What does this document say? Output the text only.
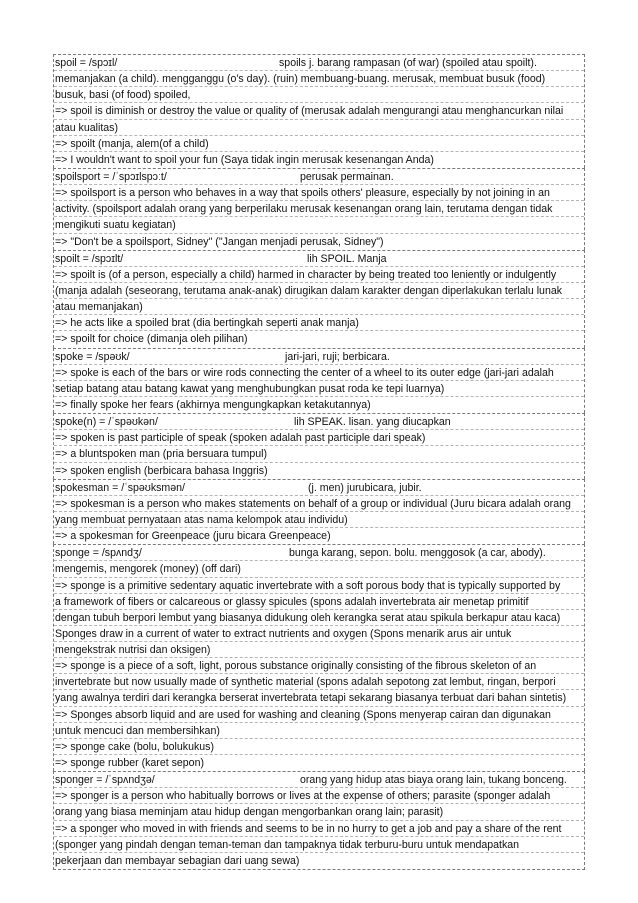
spoil = /spɔɪl/	spoils j. barang rampasan (of war) (spoiled atau spoilt).
memanjakan (a child). mengganggu (o's day). (ruin) membuang-buang. merusak, membuat busuk (food)
busuk, basi (of food) spoiled,
=> spoil is diminish or destroy the value or quality of (merusak adalah mengurangi atau menghancurkan nilai
atau kualitas)
=> spoilt (manja, alem(of a child)
=> I wouldn't want to spoil your fun (Saya tidak ingin merusak kesenangan Anda)
spoilsport = /ˈspɔɪlspɔːt/	perusak permainan.
=> spoilsport is a person who behaves in a way that spoils others' pleasure, especially by not joining in an
activity. (spoilsport adalah orang yang berperilaku merusak kesenangan orang lain, terutama dengan tidak
mengikuti suatu kegiatan)
=> "Don't be a spoilsport, Sidney" ("Jangan menjadi perusak, Sidney")
spoilt = /spɔɪlt/	lih SPOIL. Manja
=> spoilt is (of a person, especially a child) harmed in character by being treated too leniently or indulgently
(manja adalah (seseorang, terutama anak-anak) dirugikan dalam karakter dengan diperlakukan terlalu lunak
atau memanjakan)
=> he acts like a spoiled brat (dia bertingkah seperti anak manja)
=> spoilt for choice (dimanja oleh pilihan)
spoke = /spəʊk/	jari-jari, ruji; berbicara.
=> spoke is each of the bars or wire rods connecting the center of a wheel to its outer edge (jari-jari adalah
setiap batang atau batang kawat yang menghubungkan pusat roda ke tepi luarnya)
=> finally spoke her fears (akhirnya mengungkapkan ketakutannya)
spoke(n) = /ˈspəʊkən/	lih SPEAK. lisan. yang diucapkan
=> spoken is past participle of speak (spoken adalah past participle dari speak)
=> a bluntspoken man (pria bersuara tumpul)
=> spoken english (berbicara bahasa Inggris)
spokesman = /ˈspəʊksmən/	(j. men) jurubicara, jubir.
=> spokesman is a person who makes statements on behalf of a group or individual (Juru bicara adalah orang
yang membuat pernyataan atas nama kelompok atau individu)
=> a spokesman for Greenpeace (juru bicara Greenpeace)
sponge = /spʌndʒ/	bunga karang, sepon. bolu. menggosok (a car, abody).
mengemis, mengorek (money) (off dari)
=> sponge is a primitive sedentary aquatic invertebrate with a soft porous body that is typically supported by
a framework of fibers or calcareous or glassy spicules (spons adalah invertebrata air menetap primitif
dengan tubuh berpori lembut yang biasanya didukung oleh kerangka serat atau spikula berkapur atau kaca)
Sponges draw in a current of water to extract nutrients and oxygen (Spons menarik arus air untuk
mengekstrak nutrisi dan oksigen)
=> sponge is a piece of a soft, light, porous substance originally consisting of the fibrous skeleton of an
invertebrate but now usually made of synthetic material (spons adalah sepotong zat lembut, ringan, berpori
yang awalnya terdiri dari kerangka berserat invertebrata tetapi sekarang biasanya terbuat dari bahan sintetis)
=> Sponges absorb liquid and are used for washing and cleaning (Spons menyerap cairan dan digunakan
untuk mencuci dan membersihkan)
=> sponge cake (bolu, bolukukus)
=> sponge rubber (karet sepon)
sponger = /ˈspʌndʒə/	orang yang hidup atas biaya orang lain, tukang bonceng.
=> sponger is a person who habitually borrows or lives at the expense of others; parasite (sponger adalah
orang yang biasa meminjam atau hidup dengan mengorbankan orang lain; parasit)
=> a sponger who moved in with friends and seems to be in no hurry to get a job and pay a share of the rent
(sponger yang pindah dengan teman-teman dan tampaknya tidak terburu-buru untuk mendapatkan
pekerjaan dan membayar sebagian dari uang sewa)
